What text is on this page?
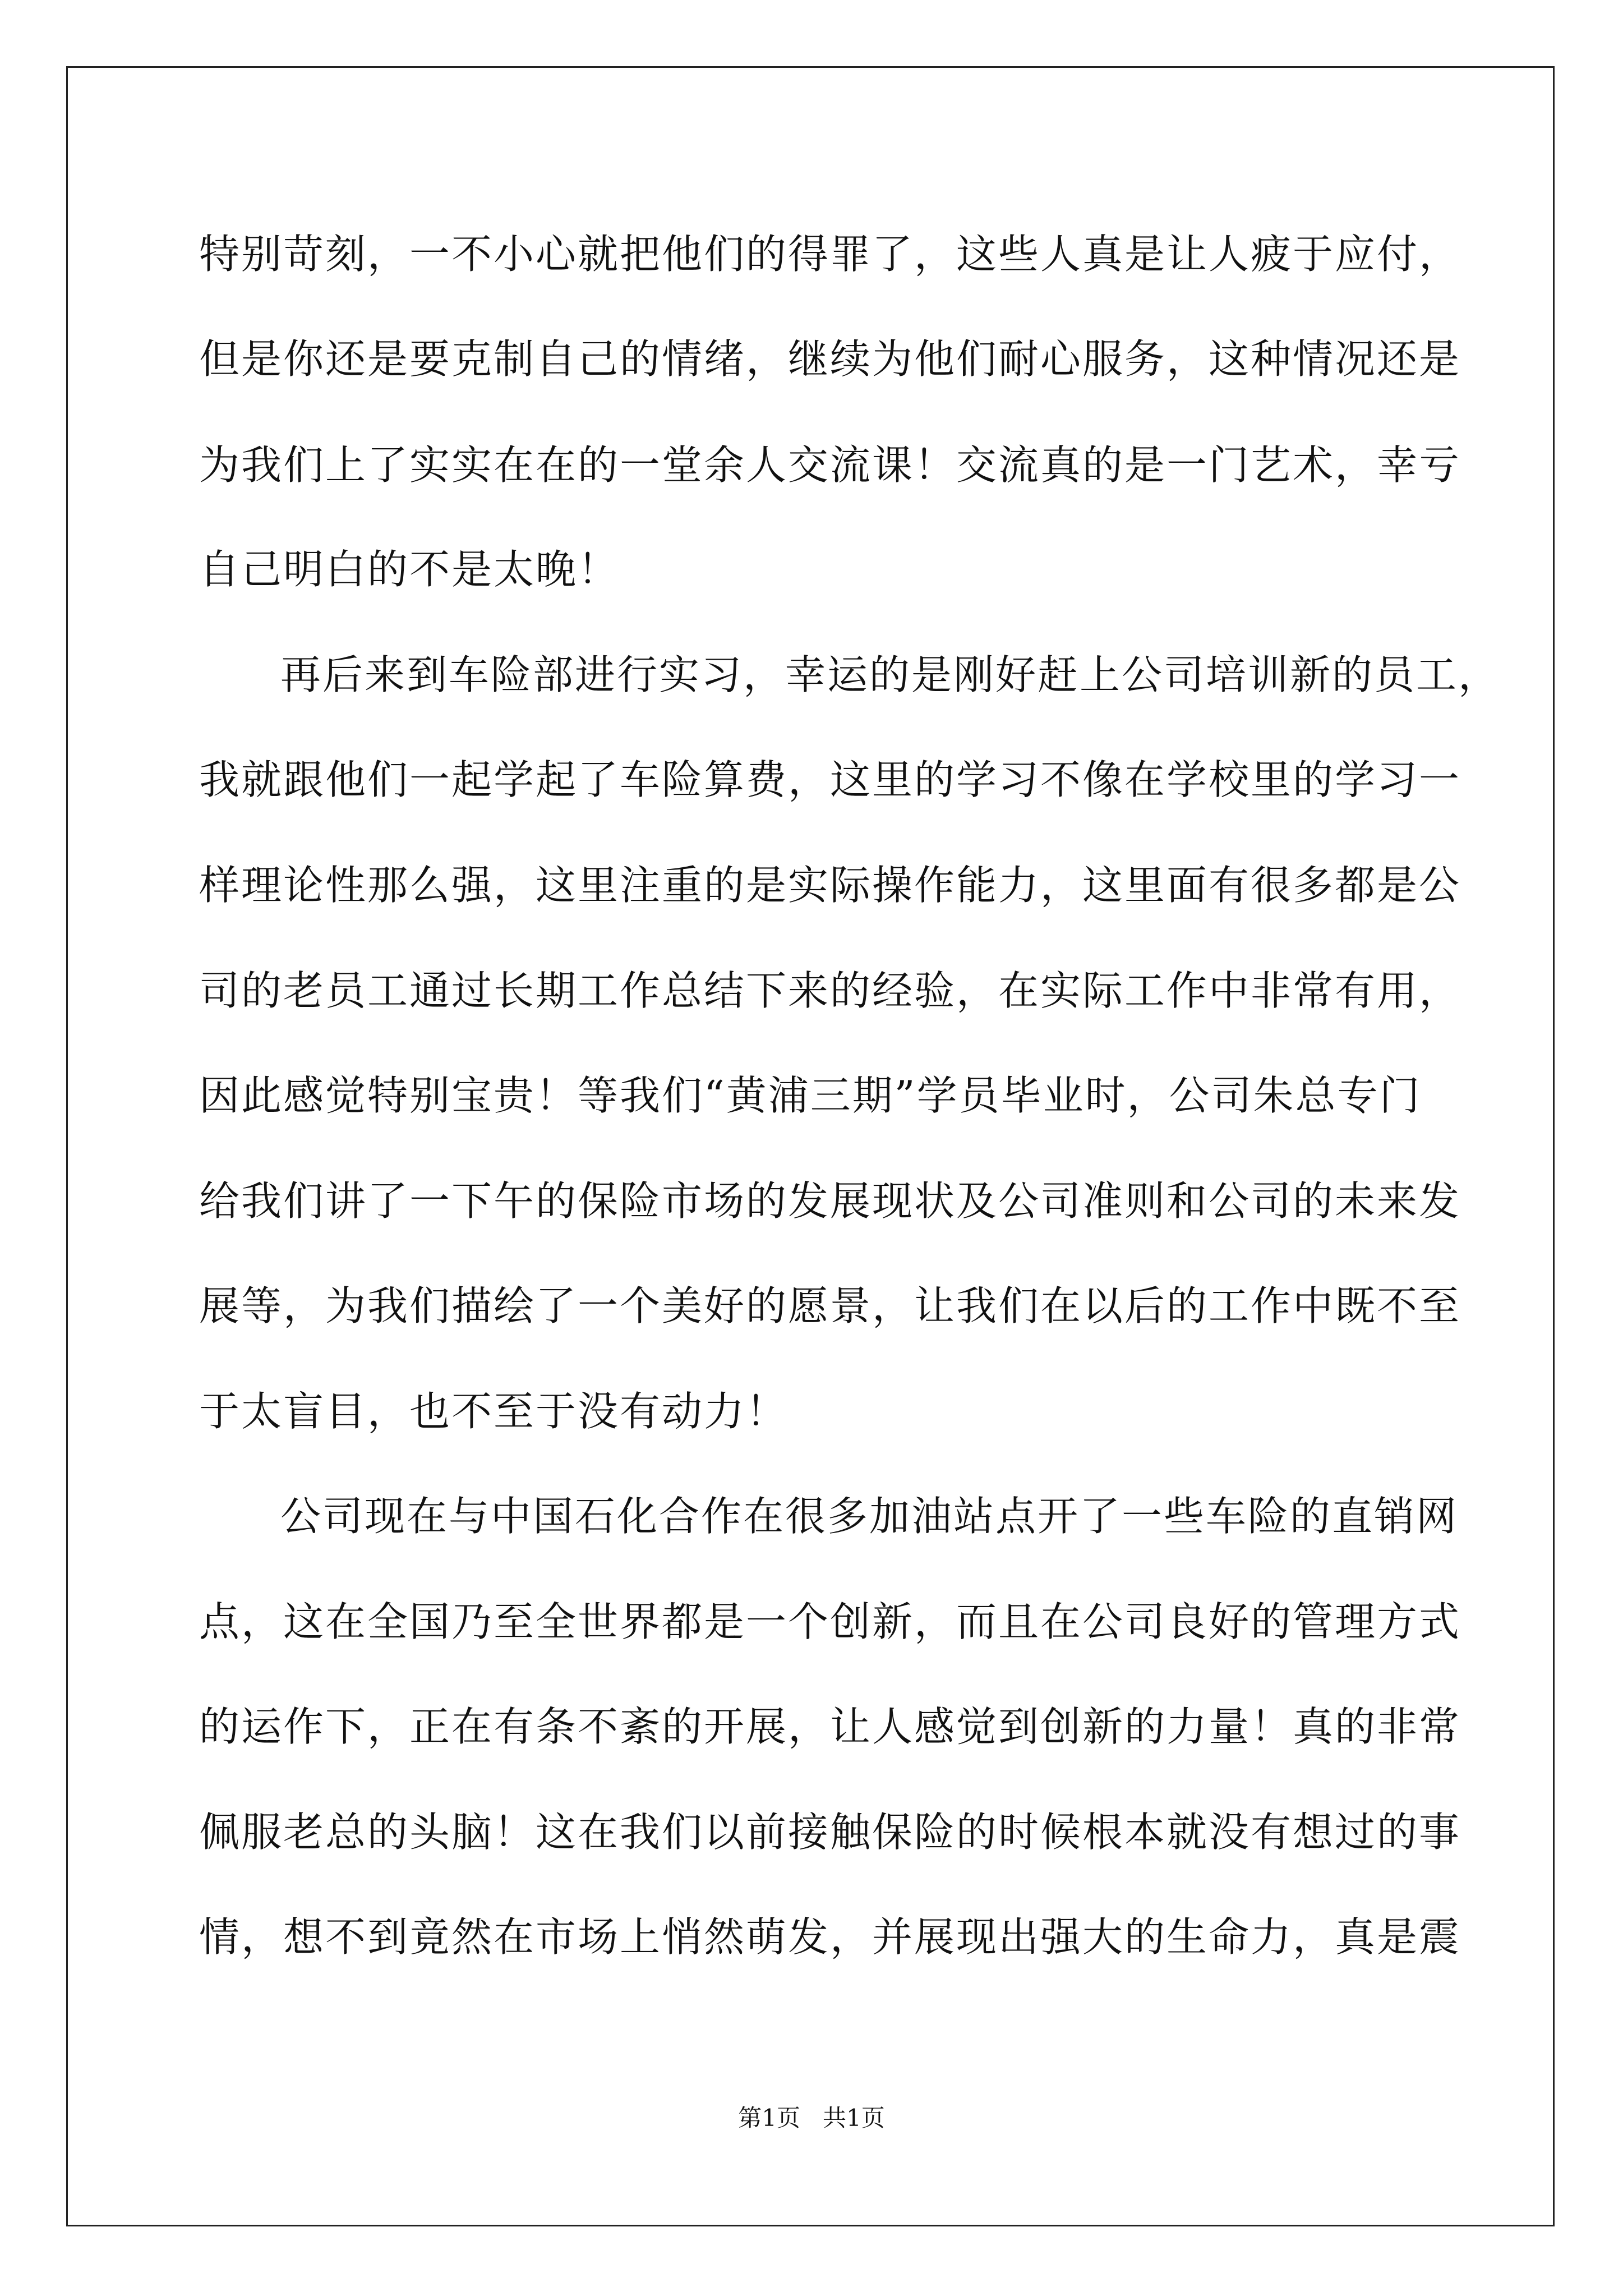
特别苛刻，一不小心就把他们的得罪了，这些人真是让人疲于应付，
但是你还是要克制自己的情绪，继续为他们耐心服务，这种情况还是
为我们上了实实在在的一堂余人交流课！交流真的是一门艺术，幸亏
自己明白的不是太晚！
再后来到车险部进行实习，幸运的是刚好赶上公司培训新的员工，
我就跟他们一起学起了车险算费，这里的学习不像在学校里的学习一
样理论性那么强，这里注重的是实际操作能力，这里面有很多都是公
司的老员工通过长期工作总结下来的经验，在实际工作中非常有用，
因此感觉特别宝贵！等我们“黄浦三期”学员毕业时，公司朱总专门
给我们讲了一下午的保险市场的发展现状及公司准则和公司的未来发
展等，为我们描绘了一个美好的愿景，让我们在以后的工作中既不至
于太盲目，也不至于没有动力！
公司现在与中国石化合作在很多加油站点开了一些车险的直销网
点，这在全国乃至全世界都是一个创新，而且在公司良好的管理方式
的运作下，正在有条不紊的开展，让人感觉到创新的力量！真的非常
佩服老总的头脑！这在我们以前接触保险的时候根本就没有想过的事
情，想不到竟然在市场上悄然萌发，并展现出强大的生命力，真是震
第1页   共1页
